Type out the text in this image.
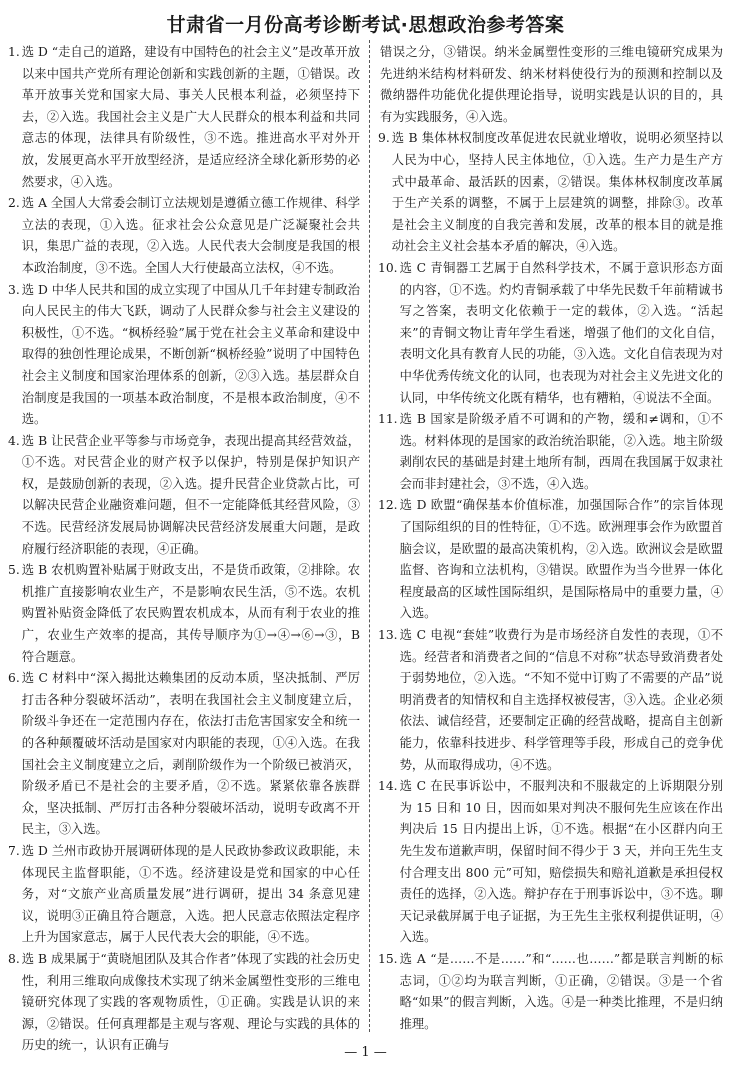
甘肃省一月份高考诊断考试·思想政治参考答案
1. 选 D “走自己的道路，建设有中国特色的社会主义”是改革开放以来中国共产党所有理论创新和实践创新的主题，①错误。改革开放事关党和国家大局、事关人民根本利益，必须坚持下去，②入选。我国社会主义是广大人民群众的根本利益和共同意志的体现，法律具有阶级性，③不选。推进高水平对外开放，发展更高水平开放型经济，是适应经济全球化新形势的必然要求，④入选。
2. 选 A 全国人大常委会制订立法规划是遵循立德工作规律、科学立法的表现，①入选。征求社会公众意见是广泛凝聚社会共识，集思广益的表现，②入选。人民代表大会制度是我国的根本政治制度，③不选。全国人大行使最高立法权，④不选。
3. 选 D 中华人民共和国的成立实现了中国从几千年封建专制政治向人民民主的伟大飞跃，调动了人民群众参与社会主义建设的积极性，①不选。“枫桥经验”属于党在社会主义革命和建设中取得的独创性理论成果，不断创新“枫桥经验”说明了中国特色社会主义制度和国家治理体系的创新，②③入选。基层群众自治制度是我国的一项基本政治制度，不是根本政治制度，④不选。
4. 选 B 让民营企业平等参与市场竞争，表现出提高其经营效益，①不选。对民营企业的财产权予以保护，特别是保护知识产权，是鼓励创新的表现，②入选。提升民营企业贷款占比，可以解决民营企业融资难问题，但不一定能降低其经营风险，③不选。民营经济发展局协调解决民营经济发展重大问题，是政府履行经济职能的表现，④正确。
5. 选 B 农机购置补贴属于财政支出，不是货币政策，②排除。农机推广直接影响农业生产，不是影响农民生活，⑤不选。农机购置补贴资金降低了农民购置农机成本，从而有利于农业的推广，农业生产效率的提高，其传导顺序为①→④→⑥→③，B 符合题意。
6. 选 C 材料中“深入揭批达赖集团的反动本质，坚决抵制、严厉打击各种分裂破坏活动”，表明在我国社会主义制度建立后，阶级斗争还在一定范围内存在，依法打击危害国家安全和统一的各种颠覆破坏活动是国家对内职能的表现，①④入选。在我国社会主义制度建立之后，剥削阶级作为一个阶级已被消灭，阶级矛盾已不是社会的主要矛盾，②不选。紧紧依靠各族群众，坚决抵制、严厉打击各种分裂破坏活动，说明专政离不开民主，③入选。
7. 选 D 兰州市政协开展调研体现的是人民政协参政议政职能，未体现民主监督职能，①不选。经济建设是党和国家的中心任务，对“文旅产业高质量发展”进行调研，提出 34 条意见建议，说明③正确且符合题意，入选。把人民意志依照法定程序上升为国家意志，属于人民代表大会的职能，④不选。
8. 选 B 成果属于“黄晓旭团队及其合作者”体现了实践的社会历史性，利用三维取向成像技术实现了纳米金属塑性变形的三维电镜研究体现了实践的客观物质性，①正确。实践是认识的来源，②错误。任何真理都是主观与客观、理论与实践的具体的历史的统一，认识有正确与
错误之分，③错误。纳米金属塑性变形的三维电镜研究成果为先进纳米结构材料研发、纳米材料使役行为的预测和控制以及微纳器件功能优化提供理论指导，说明实践是认识的目的，具有为实践服务，④入选。
9. 选 B 集体林权制度改革促进农民就业增收，说明必须坚持以人民为中心，坚持人民主体地位，①入选。生产力是生产方式中最革命、最活跃的因素，②错误。集体林权制度改革属于生产关系的调整，不属于上层建筑的调整，排除③。改革是社会主义制度的自我完善和发展，改革的根本目的就是推动社会主义社会基本矛盾的解决，④入选。
10. 选 C 青铜器工艺属于自然科学技术，不属于意识形态方面的内容，①不选。灼灼青铜承载了中华先民数千年前精诚书写之答案，表明文化依赖于一定的载体，②入选。“活起来”的青铜文物让青年学生看迷，增强了他们的文化自信，表明文化具有教育人民的功能，③入选。文化自信表现为对中华优秀传统文化的认同，也表现为对社会主义先进文化的认同，中华传统文化既有精华，也有糟粕，④说法不全面。
11. 选 B 国家是阶级矛盾不可调和的产物，缓和≠调和，①不选。材料体现的是国家的政治统治职能，②入选。地主阶级剥削农民的基础是封建土地所有制，西周在我国属于奴隶社会而非封建社会，③不选，④入选。
12. 选 D 欧盟“确保基本价值标准，加强国际合作”的宗旨体现了国际组织的目的性特征，①不选。欧洲理事会作为欧盟首脑会议，是欧盟的最高决策机构，②入选。欧洲议会是欧盟监督、咨询和立法机构，③错误。欧盟作为当今世界一体化程度最高的区域性国际组织，是国际格局中的重要力量，④入选。
13. 选 C 电视“套娃”收费行为是市场经济自发性的表现，①不选。经营者和消费者之间的“信息不对称”状态导致消费者处于弱势地位，②入选。“不知不觉中订购了不需要的产品”说明消费者的知情权和自主选择权被侵害，③入选。企业必须依法、诚信经营，还要制定正确的经营战略，提高自主创新能力，依靠科技进步、科学管理等手段，形成自己的竞争优势，从而取得成功，④不选。
14. 选 C 在民事诉讼中，不服判决和不服裁定的上诉期限分别为 15 日和 10 日，因而如果对判决不服何先生应该在作出判决后 15 日内提出上诉，①不选。根据“在小区群内向王先生发布道歉声明，保留时间不得少于 3 天，并向王先生支付合理支出 800 元”可知，赔偿损失和赔礼道歉是承担侵权责任的选择，②入选。辩护存在于刑事诉讼中，③不选。聊天记录截屏属于电子证据，为王先生主张权利提供证明，④入选。
15. 选 A “是……不是……”和“……也……”都是联言判断的标志词，①②均为联言判断，①正确，②错误。③是一个省略“如果”的假言判断，入选。④是一种类比推理，不是归纳推理。
— 1 —
